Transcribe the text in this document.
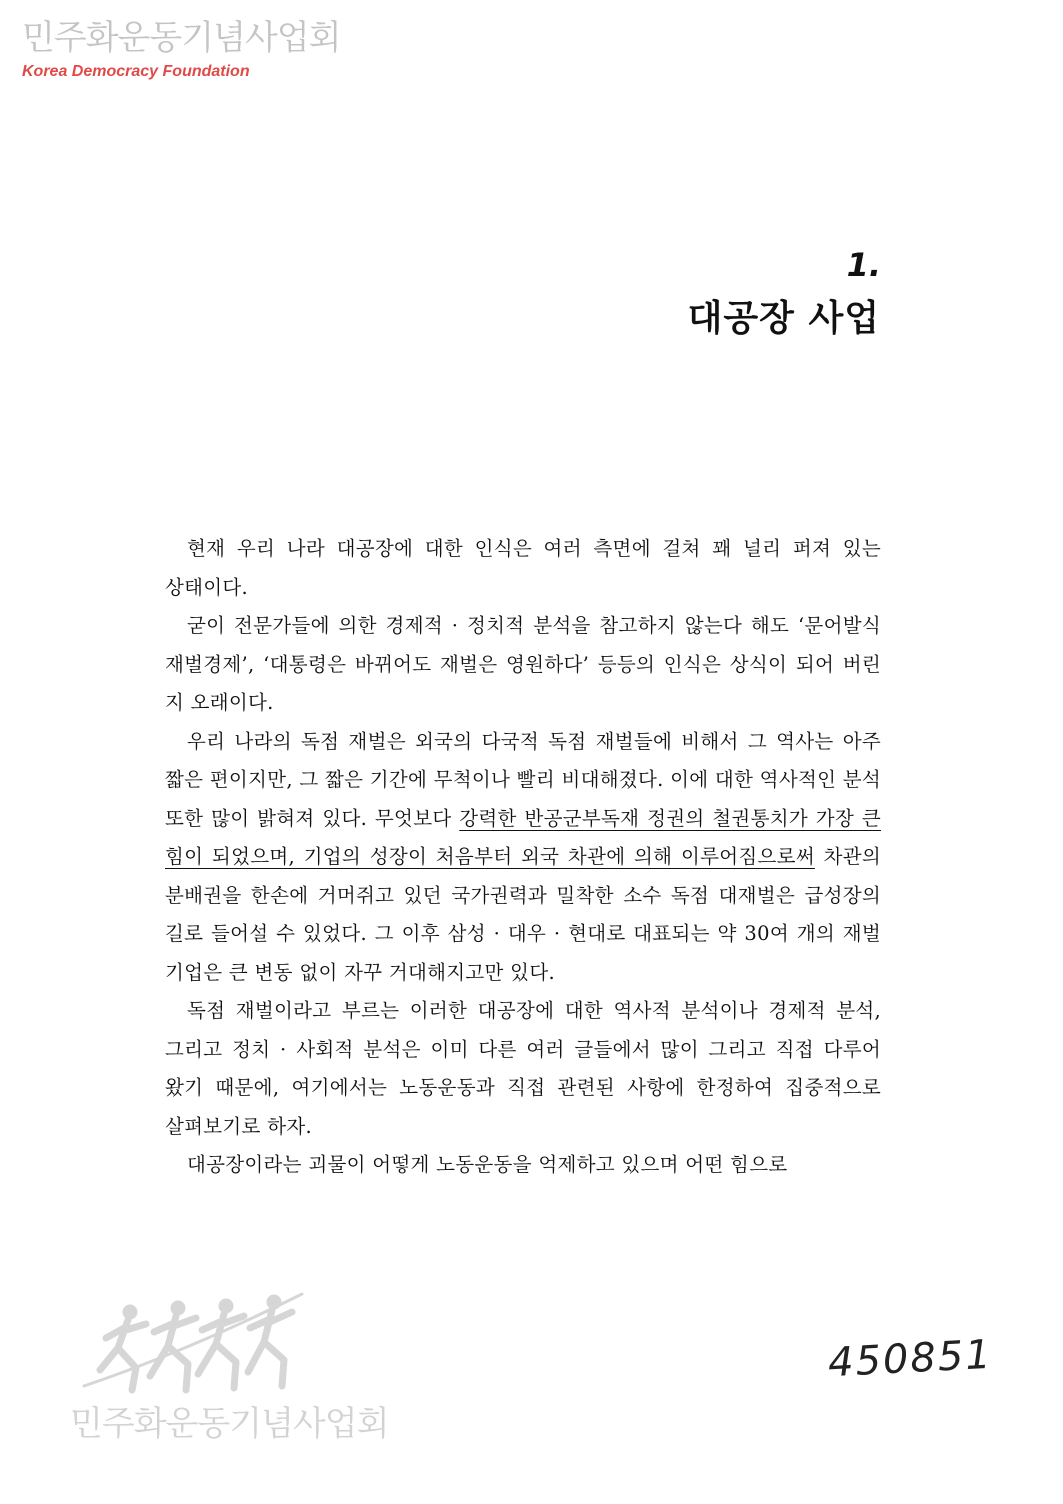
민주화운동기념사업회
Korea Democracy Foundation
1.
대공장 사업

현재 우리 나라 대공장에 대한 인식은 여러 측면에 걸쳐 꽤 널리 퍼져 있는 상태이다.

굳이 전문가들에 의한 경제적 · 정치적 분석을 참고하지 않는다 해도 ‘문어발식 재벌경제’, ‘대통령은 바뀌어도 재벌은 영원하다’ 등등의 인식은 상식이 되어 버린 지 오래이다.

우리 나라의 독점 재벌은 외국의 다국적 독점 재벌들에 비해서 그 역사는 아주 짧은 편이지만, 그 짧은 기간에 무척이나 빨리 비대해졌다. 이에 대한 역사적인 분석 또한 많이 밝혀져 있다. 무엇보다 강력한 반공군부독재 정권의 철권통치가 가장 큰 힘이 되었으며, 기업의 성장이 처음부터 외국 차관에 의해 이루어짐으로써 차관의 분배권을 한손에 거머쥐고 있던 국가권력과 밀착한 소수 독점 대재벌은 급성장의 길로 들어설 수 있었다. 그 이후 삼성 · 대우 · 현대로 대표되는 약 30여 개의 재벌 기업은 큰 변동 없이 자꾸 거대해지고만 있다.

독점 재벌이라고 부르는 이러한 대공장에 대한 역사적 분석이나 경제적 분석, 그리고 정치 · 사회적 분석은 이미 다른 여러 글들에서 많이 그리고 직접 다루어 왔기 때문에, 여기에서는 노동운동과 직접 관련된 사항에 한정하여 집중적으로 살펴보기로 하자.

대공장이라는 괴물이 어떻게 노동운동을 억제하고 있으며 어떤 힘으로

450851
민주화운동기념사업회
